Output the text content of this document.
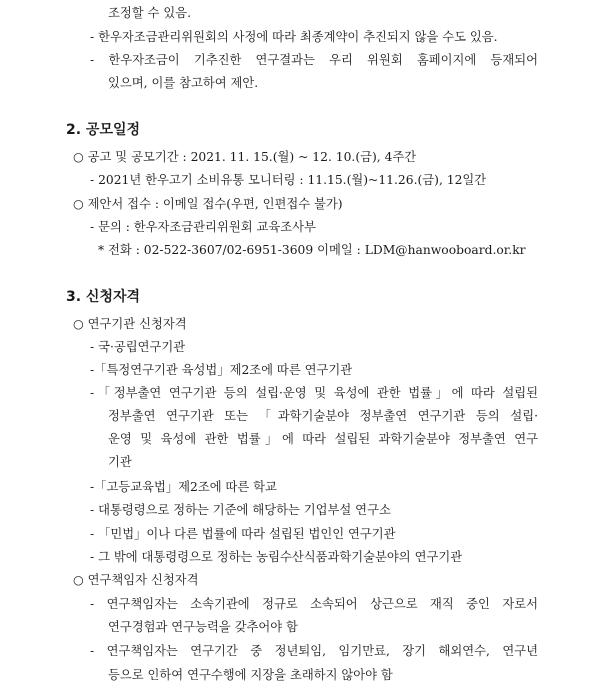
조정할 수 있음.
- 한우자조금관리위원회의 사정에 따라 최종계약이 추진되지 않을 수도 있음.
- 한우자조금이 기추진한 연구결과는 우리 위원회 홈페이지에 등재되어
있으며, 이를 참고하여 제안.
2. 공모일정
○ 공고 및 공모기간 : 2021. 11. 15.(월) ~ 12. 10.(금), 4주간
- 2021년 한우고기 소비유통 모니터링 : 11.15.(월)~11.26.(금), 12일간
○ 제안서 접수 : 이메일 접수(우편, 인편접수 불가)
- 문의 : 한우자조금관리위원회 교육조사부
* 전화 : 02-522-3607/02-6951-3609 이메일 : LDM@hanwooboard.or.kr
3. 신청자격
○ 연구기관 신청자격
- 국·공립연구기관
-「특정연구기관 육성법」제2조에 따른 연구기관
-「정부출연 연구기관 등의 설립·운영 및 육성에 관한 법률」에 따라 설립된
정부출연 연구기관 또는 「과학기술분야 정부출연 연구기관 등의 설립·
운영 및 육성에 관한 법률」에 따라 설립된 과학기술분야 정부출연 연구
기관
-「고등교육법」제2조에 따른 학교
- 대통령령으로 정하는 기준에 해당하는 기업부설 연구소
- 「민법」이나 다른 법률에 따라 설립된 법인인 연구기관
- 그 밖에 대통령령으로 정하는 농림수산식품과학기술분야의 연구기관
○ 연구책임자 신청자격
- 연구책임자는 소속기관에 정규로 소속되어 상근으로 재직 중인 자로서
연구경험과 연구능력을 갖추어야 함
- 연구책임자는 연구기간 중 정년퇴임, 임기만료, 장기 해외연수, 연구년
등으로 인하여 연구수행에 지장을 초래하지 않아야 함
